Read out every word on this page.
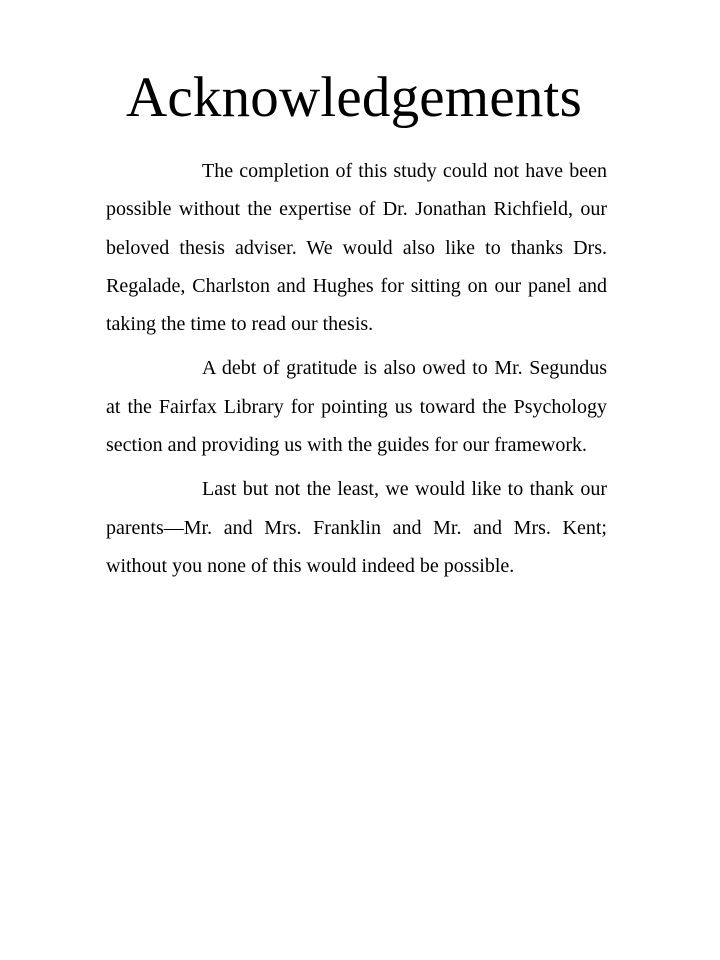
Acknowledgements

The completion of this study could not have been possible without the expertise of Dr. Jonathan Richfield, our beloved thesis adviser. We would also like to thanks Drs. Regalade, Charlston and Hughes for sitting on our panel and taking the time to read our thesis.

A debt of gratitude is also owed to Mr. Segundus at the Fairfax Library for pointing us toward the Psychology section and providing us with the guides for our framework.

Last but not the least, we would like to thank our parents—Mr. and Mrs. Franklin and Mr. and Mrs. Kent; without you none of this would indeed be possible.
